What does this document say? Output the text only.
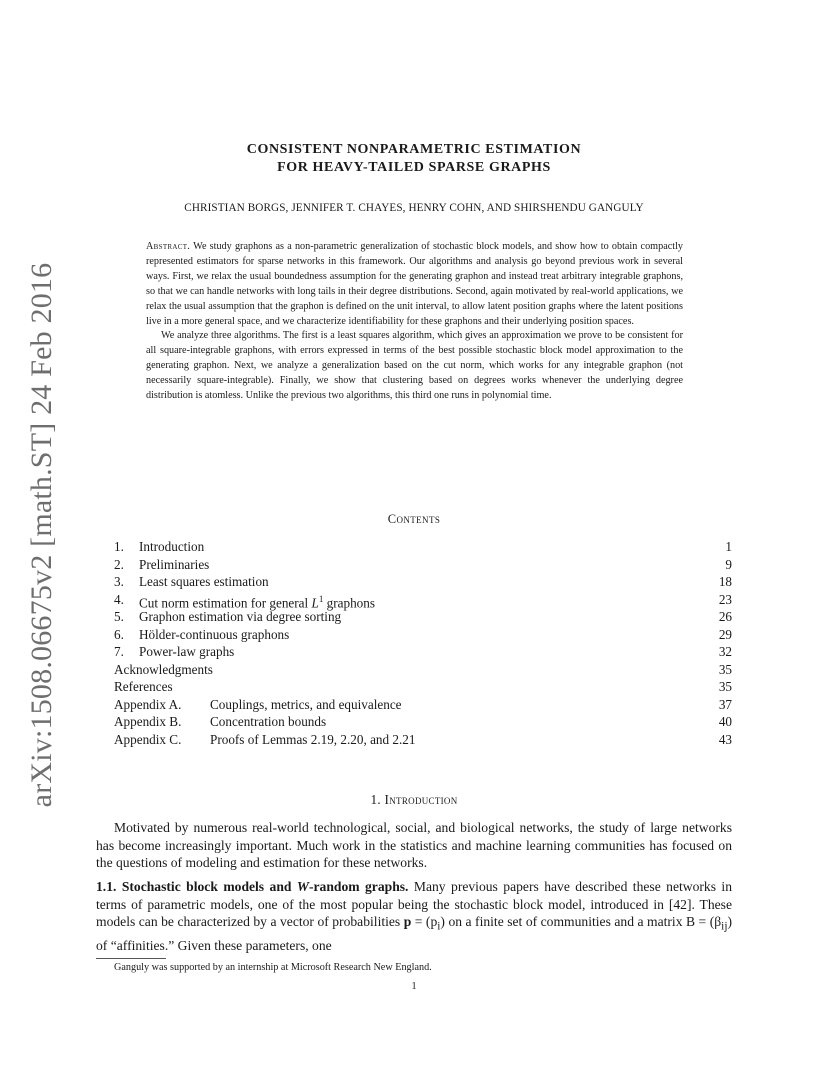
arXiv:1508.06675v2 [math.ST] 24 Feb 2016
CONSISTENT NONPARAMETRIC ESTIMATION
FOR HEAVY-TAILED SPARSE GRAPHS
CHRISTIAN BORGS, JENNIFER T. CHAYES, HENRY COHN, AND SHIRSHENDU GANGULY

Abstract. We study graphons as a non-parametric generalization of stochastic block models, and show how to obtain compactly represented estimators for sparse networks in this framework. Our algorithms and analysis go beyond previous work in several ways. First, we relax the usual boundedness assumption for the generating graphon and instead treat arbitrary integrable graphons, so that we can handle networks with long tails in their degree distributions. Second, again motivated by real-world applications, we relax the usual assumption that the graphon is defined on the unit interval, to allow latent position graphs where the latent positions live in a more general space, and we characterize identifiability for these graphons and their underlying position spaces.

We analyze three algorithms. The first is a least squares algorithm, which gives an approximation we prove to be consistent for all square-integrable graphons, with errors expressed in terms of the best possible stochastic block model approximation to the generating graphon. Next, we analyze a generalization based on the cut norm, which works for any integrable graphon (not necessarily square-integrable). Finally, we show that clustering based on degrees works whenever the underlying degree distribution is atomless. Unlike the previous two algorithms, this third one runs in polynomial time.

Contents
1. Introduction	1
2. Preliminaries	9
3. Least squares estimation	18
4. Cut norm estimation for general $L^1$ graphons	23
5. Graphon estimation via degree sorting	26
6. Hölder-continuous graphons	29
7. Power-law graphs	32
Acknowledgments	35
References	35
Appendix A. Couplings, metrics, and equivalence	37
Appendix B. Concentration bounds	40
Appendix C. Proofs of Lemmas 2.19, 2.20, and 2.21	43
1. Introduction
Motivated by numerous real-world technological, social, and biological networks, the study of large networks has become increasingly important. Much work in the statistics and machine learning communities has focused on the questions of modeling and estimation for these networks.
1.1. Stochastic block models and W-random graphs. Many previous papers have described these networks in terms of parametric models, one of the most popular being the stochastic block model, introduced in [42]. These models can be characterized by a vector of probabilities $p = (p_i)$ on a finite set of communities and a matrix $B = (\beta_{ij})$ of “affinities.” Given these parameters, one
Ganguly was supported by an internship at Microsoft Research New England.
1
